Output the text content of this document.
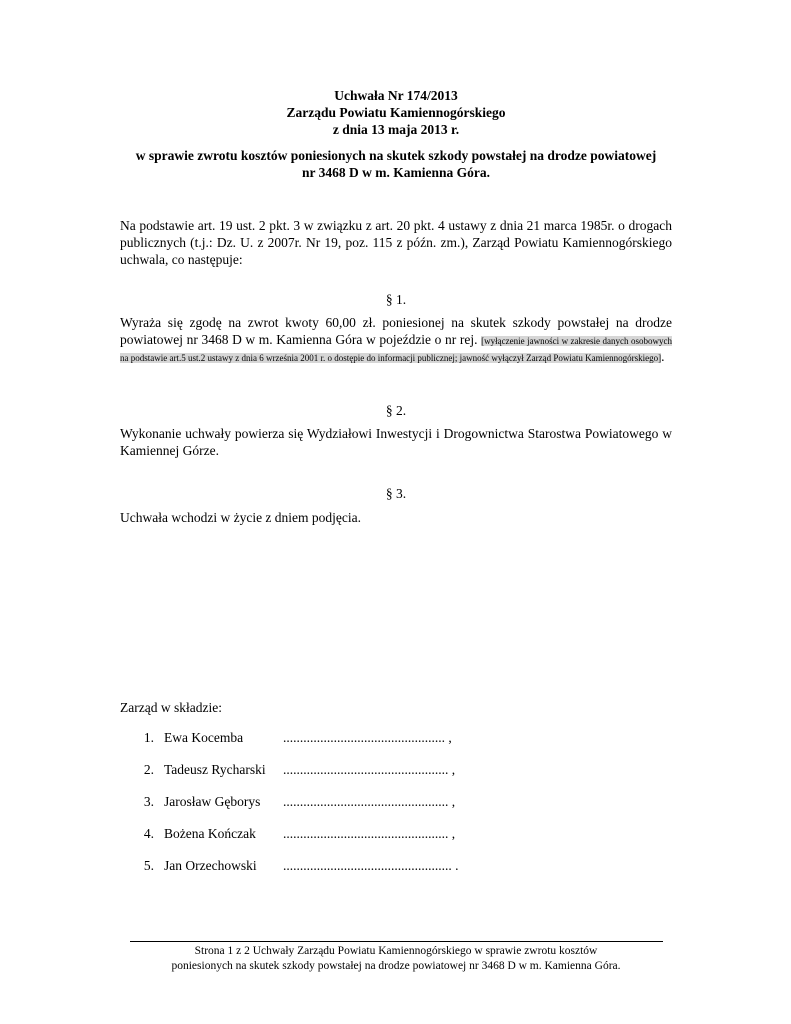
Uchwała Nr 174/2013
Zarządu Powiatu Kamiennogórskiego
z dnia 13 maja 2013 r.
w sprawie zwrotu kosztów poniesionych na skutek szkody powstałej na drodze powiatowej
nr 3468 D w m. Kamienna Góra.
Na podstawie art. 19 ust. 2 pkt. 3 w związku z art. 20 pkt. 4 ustawy z dnia 21 marca 1985r. o drogach publicznych (t.j.: Dz. U. z 2007r. Nr 19, poz. 115 z późn. zm.), Zarząd Powiatu Kamiennogórskiego uchwala, co następuje:
§ 1.
Wyraża się zgodę na zwrot kwoty 60,00 zł. poniesionej na skutek szkody powstałej na drodze powiatowej nr 3468 D w m. Kamienna Góra w pojeździe o nr rej. [wyłączenie jawności w zakresie danych osobowych na podstawie art.5 ust.2 ustawy z dnia 6 września 2001 r. o dostępie do informacji publicznej; jawność wyłączył Zarząd Powiatu Kamiennogórskiego].
§ 2.
Wykonanie uchwały powierza się Wydziałowi Inwestycji i Drogownictwa Starostwa Powiatowego w Kamiennej Górze.
§ 3.
Uchwała wchodzi w życie z dniem podjęcia.
Zarząd w składzie:
1. Ewa Kocemba	................................................ ,
2. Tadeusz Rycharski ................................................. ,
3. Jarosław Gęborys ................................................. ,
4. Bożena Kończak ................................................. ,
5. Jan Orzechowski .................................................. .
Strona 1 z 2 Uchwały Zarządu Powiatu Kamiennogórskiego w sprawie zwrotu kosztów
poniesionych na skutek szkody powstałej na drodze powiatowej nr 3468 D w m. Kamienna Góra.
